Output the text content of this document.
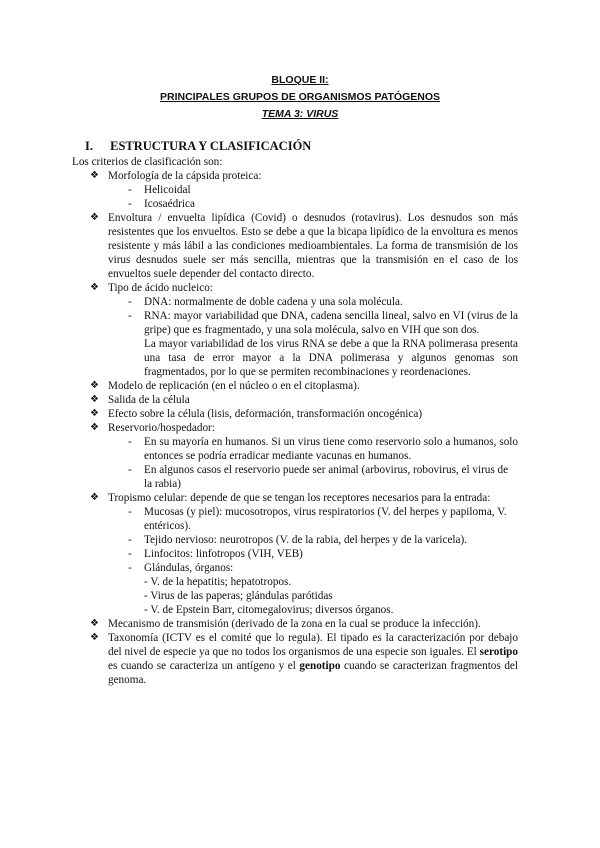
BLOQUE II:
PRINCIPALES GRUPOS DE ORGANISMOS PATÓGENOS
TEMA 3: VIRUS
I. ESTRUCTURA Y CLASIFICACIÓN

Los criterios de clasificación son:

❖ Morfología de la cápsida proteica:
- Helicoidal
- Icosaédrica
❖ Envoltura / envuelta lipídica (Covid) o desnudos (rotavirus). Los desnudos son más resistentes que los envueltos. Esto se debe a que la bicapa lipídico de la envoltura es menos resistente y más lábil a las condiciones medioambientales. La forma de transmisión de los virus desnudos suele ser más sencilla, mientras que la transmisión en el caso de los envueltos suele depender del contacto directo.
❖ Tipo de ácido nucleico:
- DNA: normalmente de doble cadena y una sola molécula.
- RNA: mayor variabilidad que DNA, cadena sencilla lineal, salvo en VI (virus de la gripe) que es fragmentado, y una sola molécula, salvo en VIH que son dos.

La mayor variabilidad de los virus RNA se debe a que la RNA polimerasa presenta una tasa de error mayor a la DNA polimerasa y algunos genomas son fragmentados, por lo que se permiten recombinaciones y reordenaciones.

❖ Modelo de replicación (en el núcleo o en el citoplasma).
❖ Salida de la célula
❖ Efecto sobre la célula (lisis, deformación, transformación oncogénica)
❖ Reservorio/hospedador:
- En su mayoría en humanos. Si un virus tiene como reservorio solo a humanos, solo entonces se podría erradicar mediante vacunas en humanos.
- En algunos casos el reservorio puede ser animal (arbovirus, robovirus, el virus de la rabia)
❖ Tropismo celular: depende de que se tengan los receptores necesarios para la entrada:
- Mucosas (y piel): mucosotropos, virus respiratorios (V. del herpes y papiloma, V. entéricos).
- Tejido nervioso: neurotropos (V. de la rabia, del herpes y de la varicela).
- Linfocitos: linfotropos (VIH, VEB)
- Glándulas, órganos:
- V. de la hepatitis; hepatotropos.
- Virus de las paperas; glándulas parótidas
- V. de Epstein Barr, citomegalovirus; diversos órganos.
❖ Mecanismo de transmisión (derivado de la zona en la cual se produce la infección).
❖ Taxonomía (ICTV es el comité que lo regula). El tipado es la caracterización por debajo del nivel de especie ya que no todos los organismos de una especie son iguales. El serotipo es cuando se caracteriza un antígeno y el genotipo cuando se caracterizan fragmentos del genoma.
